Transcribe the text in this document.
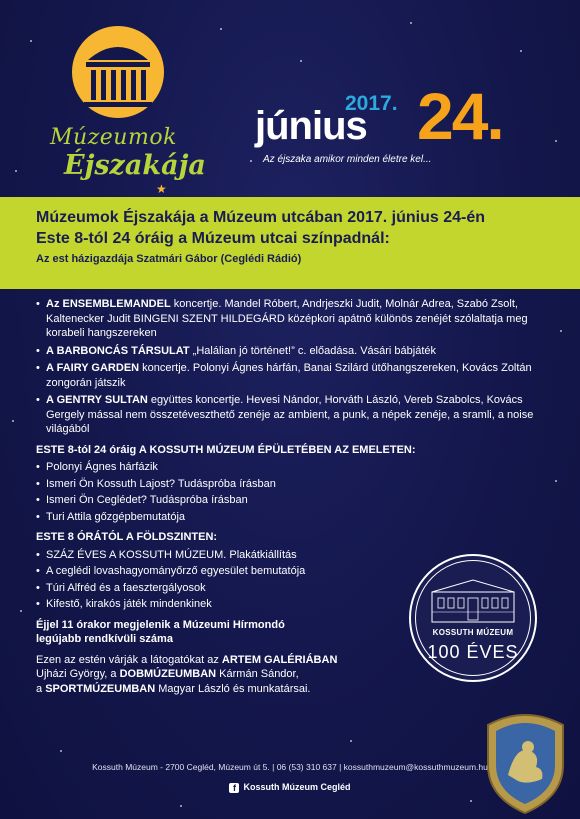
Múzeumok
Éjszakája
★
2017.
június 24.
Az éjszaka amikor minden életre kel...
Múzeumok Éjszakája a Múzeum utcában 2017. június 24-én
Este 8-tól 24 óráig a Múzeum utcai színpadnál:
Az est házigazdája Szatmári Gábor (Ceglédi Rádió)
• Az ENSEMBLEMANDEL koncertje. Mandel Róbert, Andrjeszki Judit, Molnár Adrea, Szabó Zsolt, Kaltenecker Judit BINGENI SZENT HILDEGÁRD középkori apátnő különös zenéjét szólaltatja meg korabeli hangszereken
• A BARBONCÁS TÁRSULAT „Halálian jó történet!” c. előadása. Vásári bábjáték
• A FAIRY GARDEN koncertje. Polonyi Ágnes hárfán, Banai Szilárd ütőhangszereken, Kovács Zoltán zongorán játszik
• A GENTRY SULTAN együttes koncertje. Hevesi Nándor, Horváth László, Vereb Szabolcs, Kovács Gergely mással nem összetéveszthető zenéje az ambient, a punk, a népek zenéje, a sramli, a noise világából
ESTE 8-tól 24 óráig A KOSSUTH MÚZEUM ÉPÜLETÉBEN AZ EMELETEN:
• Polonyi Ágnes hárfázik
• Ismeri Ön Kossuth Lajost? Tudáspróba írásban
• Ismeri Ön Ceglédet? Tudáspróba írásban
• Turi Attila gőzgépbemutatója
ESTE 8 ÓRÁTÓL A FÖLDSZINTEN:
• SZÁZ ÉVES A KOSSUTH MÚZEUM. Plakátkiállítás
• A ceglédi lovashagyományőrző egyesület bemutatója
• Túri Alfréd és a faesztergályosok
• Kifestő, kirakós játék mindenkinek
Éjjel 11 órakor megjelenik a Múzeumi Hírmondó
legújabb rendkívüli száma
Ezen az estén várják a látogatókat az ARTEM GALÉRIÁBAN
Ujházi György, a DOBMÚZEUMBAN Kármán Sándor,
a SPORTMÚZEUMBAN Magyar László és munkatársai.
KOSSUTH MÚZEUM
100 ÉVES
Kossuth Múzeum - 2700 Cegléd, Múzeum út 5. | 06 (53) 310 637 | kossuthmuzeum@kossuthmuzeum.hu
f Kossuth Múzeum Cegléd
